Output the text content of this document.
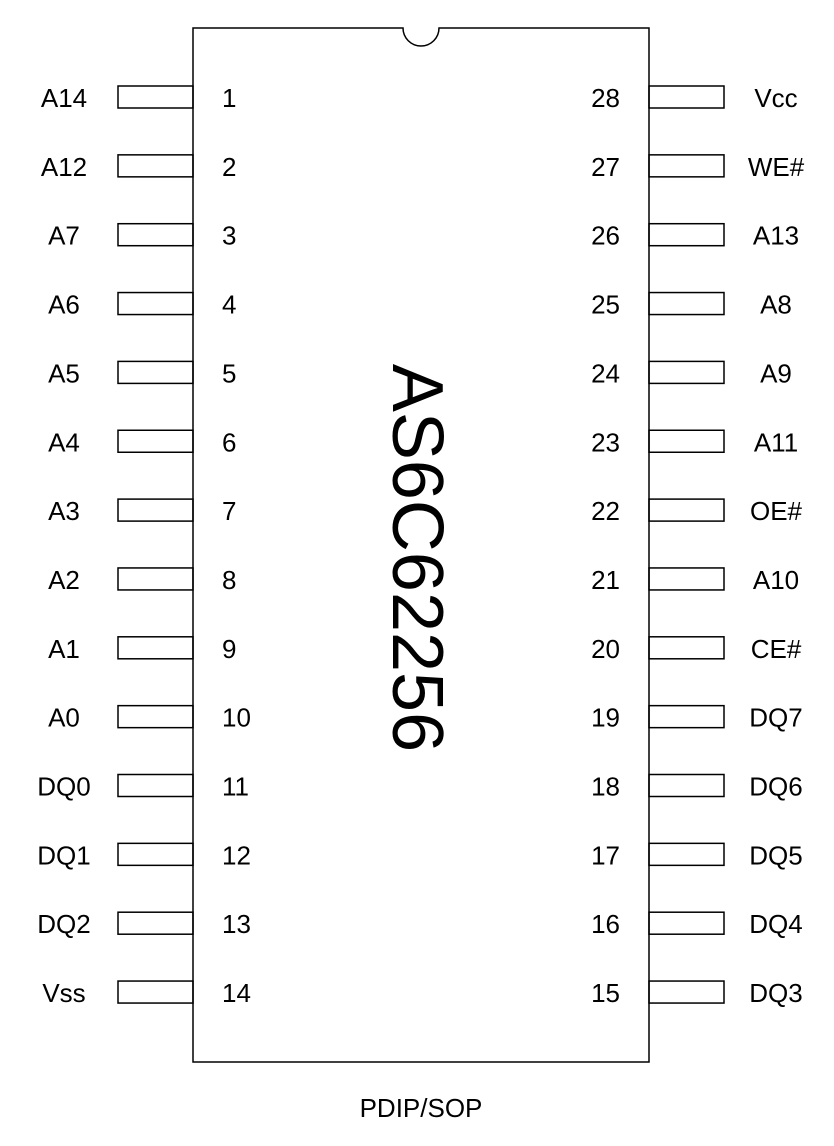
AS6C62256
PDIP/SOP
1
A14
2
A12
3
A7
4
A6
5
A5
6
A4
7
A3
8
A2
9
A1
10
A0
11
DQ0
12
DQ1
13
DQ2
14
Vss
28	Vcc
27	WE#
26	A13
25	A8
24	A9
23	A11
22	OE#
21	A10
20	CE#
19	DQ7
18	DQ6
17	DQ5
16	DQ4
15	DQ3
